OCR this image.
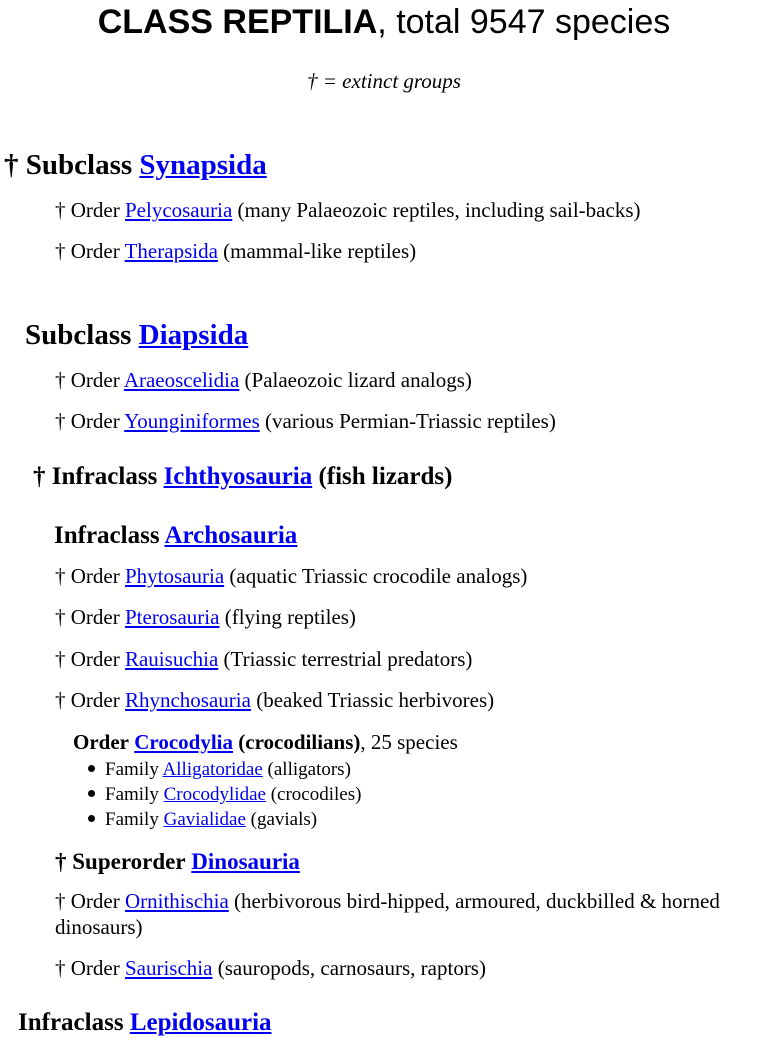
CLASS REPTILIA, total 9547 species
† = extinct groups
† Subclass Synapsida
† Order Pelycosauria (many Palaeozoic reptiles, including sail-backs)
† Order Therapsida (mammal-like reptiles)
Subclass Diapsida
† Order Araeoscelidia (Palaeozoic lizard analogs)
† Order Younginiformes (various Permian-Triassic reptiles)
† Infraclass Ichthyosauria (fish lizards)
Infraclass Archosauria
† Order Phytosauria (aquatic Triassic crocodile analogs)
† Order Pterosauria (flying reptiles)
† Order Rauisuchia (Triassic terrestrial predators)
† Order Rhynchosauria (beaked Triassic herbivores)
Order Crocodylia (crocodilians), 25 species
Family Alligatoridae (alligators)
Family Crocodylidae (crocodiles)
Family Gavialidae (gavials)
† Superorder Dinosauria
† Order Ornithischia (herbivorous bird-hipped, armoured, duckbilled & horned dinosaurs)
† Order Saurischia (sauropods, carnosaurs, raptors)
Infraclass Lepidosauria
